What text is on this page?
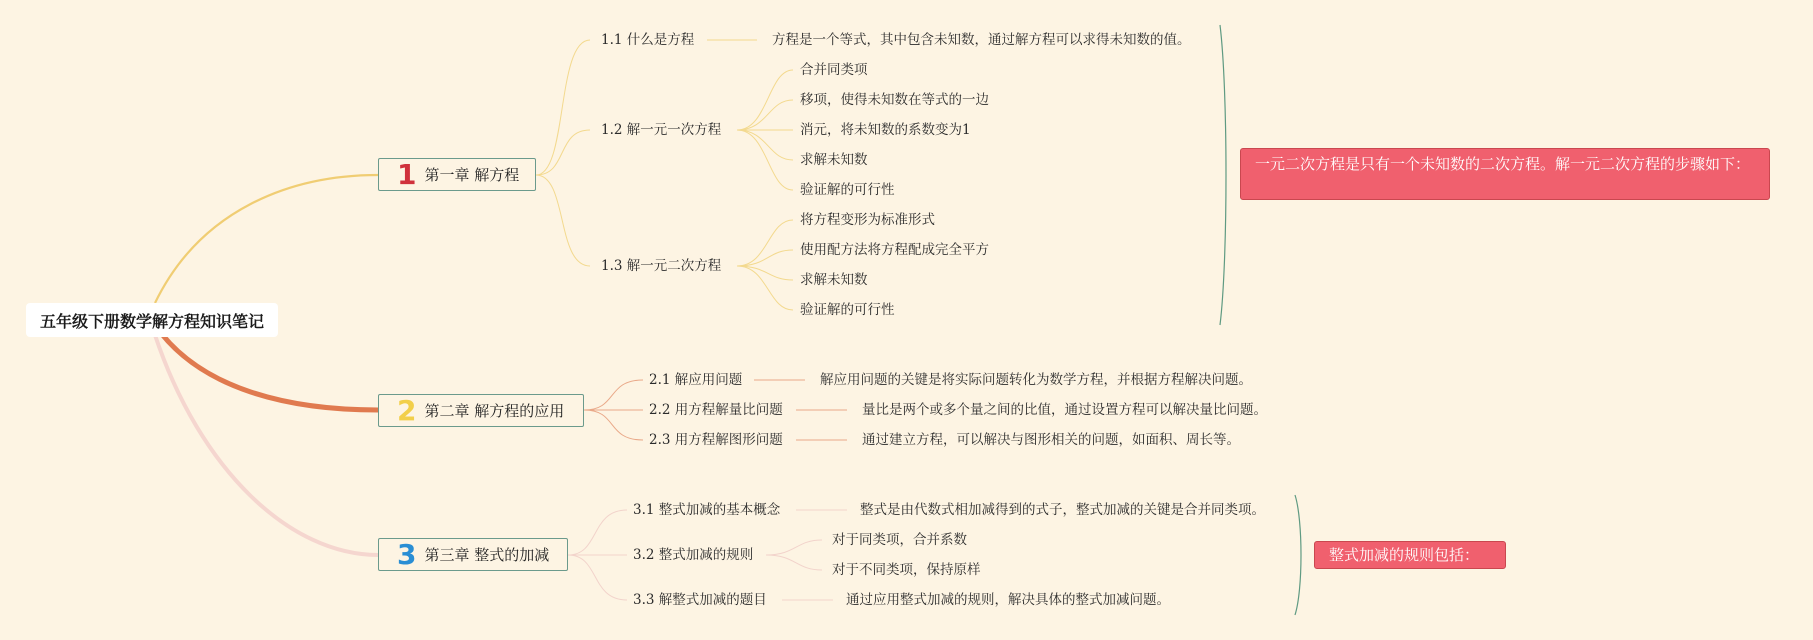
五年级下册数学解方程知识笔记
1 第一章 解方程
1.1 什么是方程	方程是一个等式，其中包含未知数，通过解方程可以求得未知数的值。
1.2 解一元一次方程
合并同类项
移项，使得未知数在等式的一边
消元，将未知数的系数变为1
求解未知数
验证解的可行性
1.3 解一元二次方程
将方程变形为标准形式
使用配方法将方程配成完全平方
求解未知数
验证解的可行性
一元二次方程是只有一个未知数的二次方程。解一元二次方程的步骤如下：
2 第二章 解方程的应用
2.1 解应用问题	解应用问题的关键是将实际问题转化为数学方程，并根据方程解决问题。
2.2 用方程解量比问题	量比是两个或多个量之间的比值，通过设置方程可以解决量比问题。
2.3 用方程解图形问题	通过建立方程，可以解决与图形相关的问题，如面积、周长等。
3 第三章 整式的加减
3.1 整式加减的基本概念	整式是由代数式相加减得到的式子，整式加减的关键是合并同类项。
3.2 整式加减的规则
对于同类项，合并系数
对于不同类项，保持原样
3.3 解整式加减的题目	通过应用整式加减的规则，解决具体的整式加减问题。
整式加减的规则包括：
